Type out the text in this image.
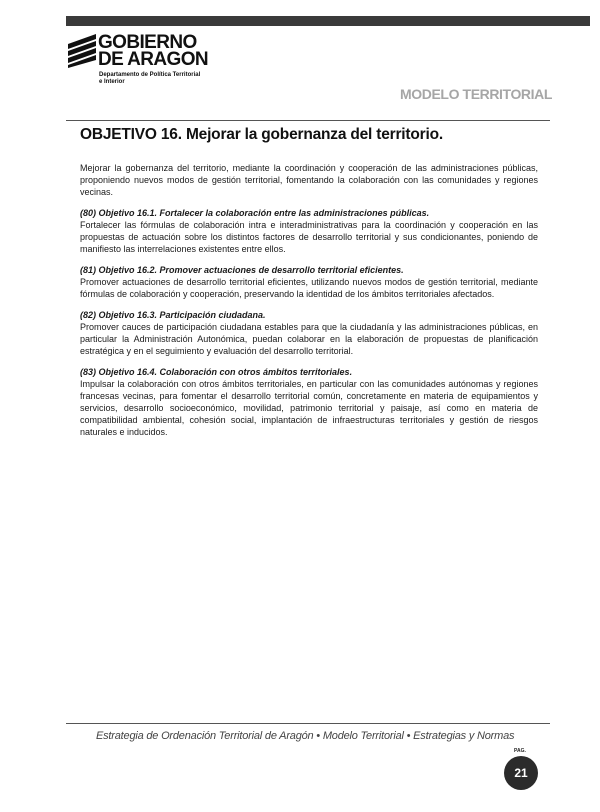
GOBIERNO
DE ARAGON
Departamento de Política Territorial
e Interior
MODELO TERRITORIAL
OBJETIVO 16. Mejorar la gobernanza del territorio.

Mejorar la gobernanza del territorio, mediante la coordinación y cooperación de las administraciones públicas, proponiendo nuevos modos de gestión territorial, fomentando la colaboración con las comunidades y regiones vecinas.

(80) Objetivo 16.1. Fortalecer la colaboración entre las administraciones públicas.
Fortalecer las fórmulas de colaboración intra e interadministrativas para la coordinación y cooperación en las propuestas de actuación sobre los distintos factores de desarrollo territorial y sus condicionantes, poniendo de manifiesto las interrelaciones existentes entre ellos.

(81) Objetivo 16.2. Promover actuaciones de desarrollo territorial eficientes.
Promover actuaciones de desarrollo territorial eficientes, utilizando nuevos modos de gestión territorial, mediante fórmulas de colaboración y cooperación, preservando la identidad de los ámbitos territoriales afectados.

(82) Objetivo 16.3. Participación ciudadana.
Promover cauces de participación ciudadana estables para que la ciudadanía y las administraciones públicas, en particular la Administración Autonómica, puedan colaborar en la elaboración de propuestas de planificación estratégica y en el seguimiento y evaluación del desarrollo territorial.

(83) Objetivo 16.4. Colaboración con otros ámbitos territoriales.
Impulsar la colaboración con otros ámbitos territoriales, en particular con las comunidades autónomas y regiones francesas vecinas, para fomentar el desarrollo territorial común, concretamente en materia de equipamientos y servicios, desarrollo socioeconómico, movilidad, patrimonio territorial y paisaje, así como en materia de compatibilidad ambiental, cohesión social, implantación de infraestructuras territoriales y gestión de riesgos naturales e inducidos.

Estrategia de Ordenación Territorial de Aragón • Modelo Territorial • Estrategias y Normas
PAG.
21
